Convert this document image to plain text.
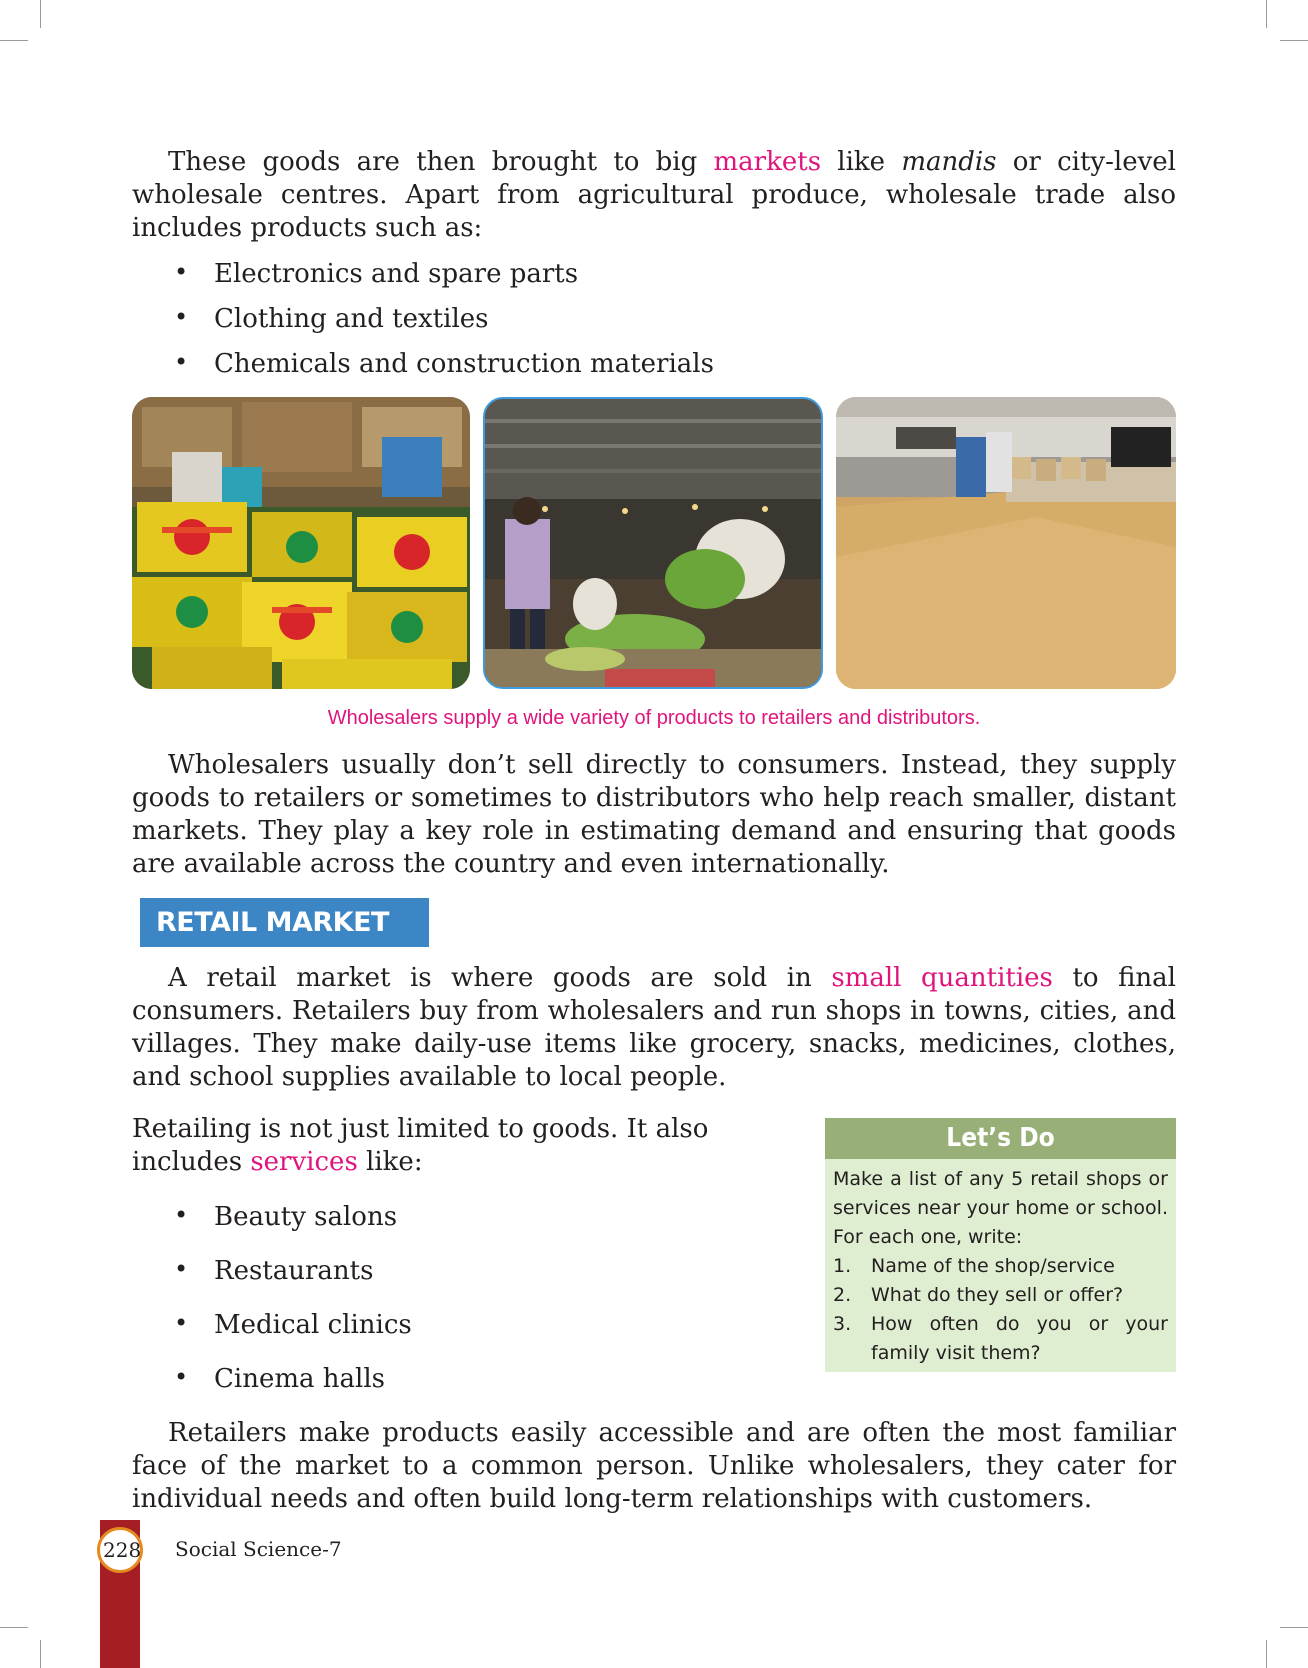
These goods are then brought to big markets like mandis or city-level wholesale centres. Apart from agricultural produce, wholesale trade also includes products such as:

• Electronics and spare parts
• Clothing and textiles
• Chemicals and construction materials
Wholesalers supply a wide variety of products to retailers and distributors.

Wholesalers usually don’t sell directly to consumers. Instead, they supply goods to retailers or sometimes to distributors who help reach smaller, distant markets. They play a key role in estimating demand and ensuring that goods are available across the country and even internationally.

RETAIL MARKET

A retail market is where goods are sold in small quantities to final consumers. Retailers buy from wholesalers and run shops in towns, cities, and villages. They make daily-use items like grocery, snacks, medicines, clothes, and school supplies available to local people.

Retailing is not just limited to goods. It also includes services like:

• Beauty salons
• Restaurants
• Medical clinics
• Cinema halls
Let’s Do

Make a list of any 5 retail shops or services near your home or school. For each one, write:

1. Name of the shop/service
2. What do they sell or offer?
3. How often do you or your family visit them?

Retailers make products easily accessible and are often the most familiar face of the market to a common person. Unlike wholesalers, they cater for individual needs and often build long-term relationships with customers.

228 Social Science-7
